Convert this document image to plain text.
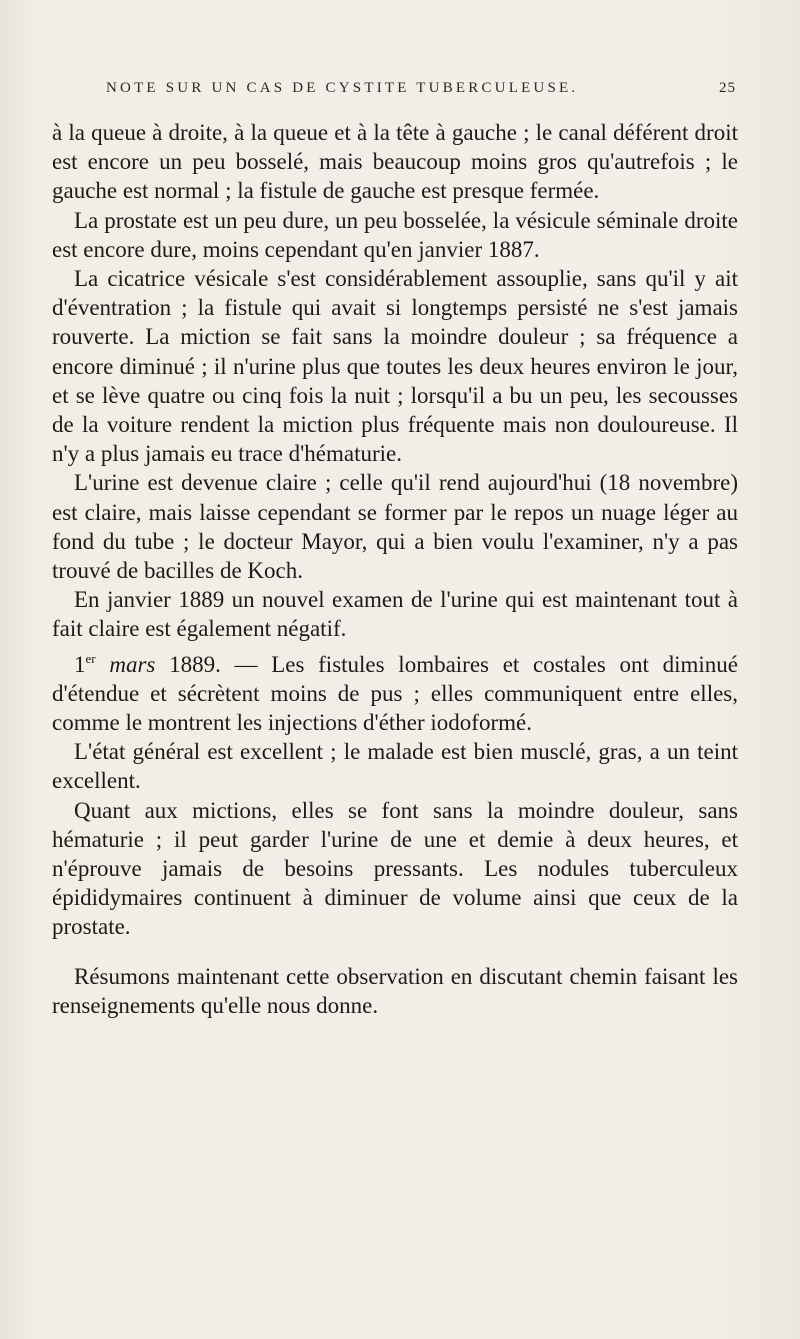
NOTE SUR UN CAS DE CYSTITE TUBERCULEUSE.	25

à la queue à droite, à la queue et à la tête à gauche ; le canal déférent droit est encore un peu bosselé, mais beaucoup moins gros qu'autrefois ; le gauche est normal ; la fistule de gauche est presque fermée.

La prostate est un peu dure, un peu bosselée, la vésicule séminale droite est encore dure, moins cependant qu'en janvier 1887.

La cicatrice vésicale s'est considérablement assouplie, sans qu'il y ait d'éventration ; la fistule qui avait si longtemps persisté ne s'est jamais rouverte. La miction se fait sans la moindre douleur ; sa fréquence a encore diminué ; il n'urine plus que toutes les deux heures environ le jour, et se lève quatre ou cinq fois la nuit ; lorsqu'il a bu un peu, les secousses de la voiture rendent la miction plus fréquente mais non douloureuse. Il n'y a plus jamais eu trace d'hématurie.

L'urine est devenue claire ; celle qu'il rend aujourd'hui (18 novembre) est claire, mais laisse cependant se former par le repos un nuage léger au fond du tube ; le docteur Mayor, qui a bien voulu l'examiner, n'y a pas trouvé de bacilles de Koch.

En janvier 1889 un nouvel examen de l'urine qui est maintenant tout à fait claire est également négatif.

1er mars 1889. — Les fistules lombaires et costales ont diminué d'étendue et sécrètent moins de pus ; elles communiquent entre elles, comme le montrent les injections d'éther iodoformé.

L'état général est excellent ; le malade est bien musclé, gras, a un teint excellent.

Quant aux mictions, elles se font sans la moindre douleur, sans hématurie ; il peut garder l'urine de une et demie à deux heures, et n'éprouve jamais de besoins pressants. Les nodules tuberculeux épididymaires continuent à diminuer de volume ainsi que ceux de la prostate.

Résumons maintenant cette observation en discutant chemin faisant les renseignements qu'elle nous donne.
